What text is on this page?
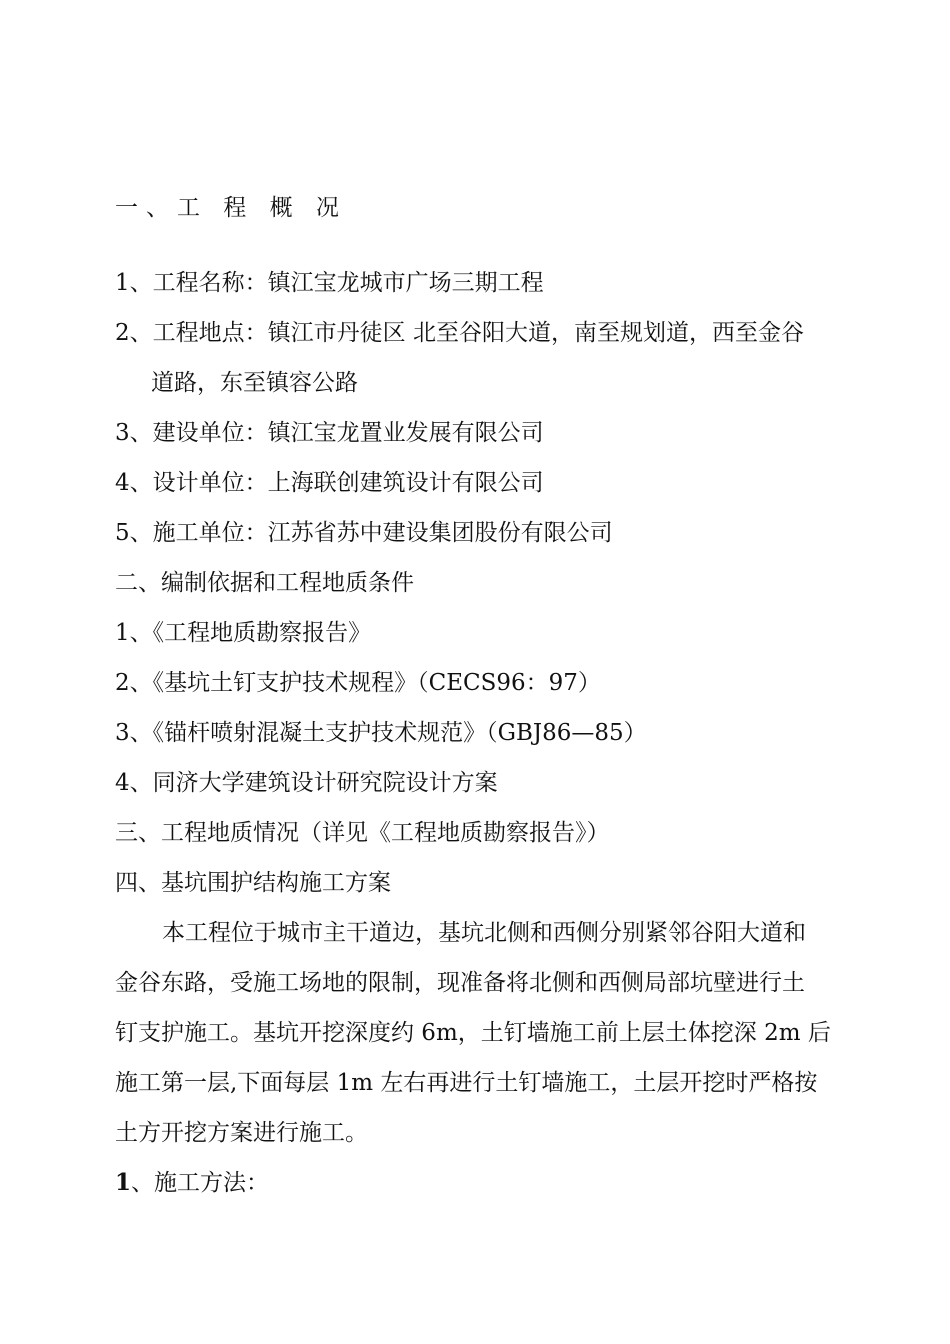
一、工 程 概 况
1、工程名称：镇江宝龙城市广场三期工程
2、工程地点：镇江市丹徒区 北至谷阳大道，南至规划道，西至金谷
道路，东至镇容公路
3、建设单位：镇江宝龙置业发展有限公司
4、设计单位：上海联创建筑设计有限公司
5、施工单位：江苏省苏中建设集团股份有限公司
二、编制依据和工程地质条件
1、《工程地质勘察报告》
2、《基坑土钉支护技术规程》（CECS96：97）
3、《锚杆喷射混凝土支护技术规范》（GBJ86—85）
4、同济大学建筑设计研究院设计方案
三、工程地质情况（详见《工程地质勘察报告》）
四、基坑围护结构施工方案
本工程位于城市主干道边，基坑北侧和西侧分别紧邻谷阳大道和
金谷东路，受施工场地的限制，现准备将北侧和西侧局部坑壁进行土
钉支护施工。基坑开挖深度约 6m，土钉墙施工前上层土体挖深 2m 后
施工第一层,下面每层 1m 左右再进行土钉墙施工，土层开挖时严格按
土方开挖方案进行施工。
1、施工方法：
